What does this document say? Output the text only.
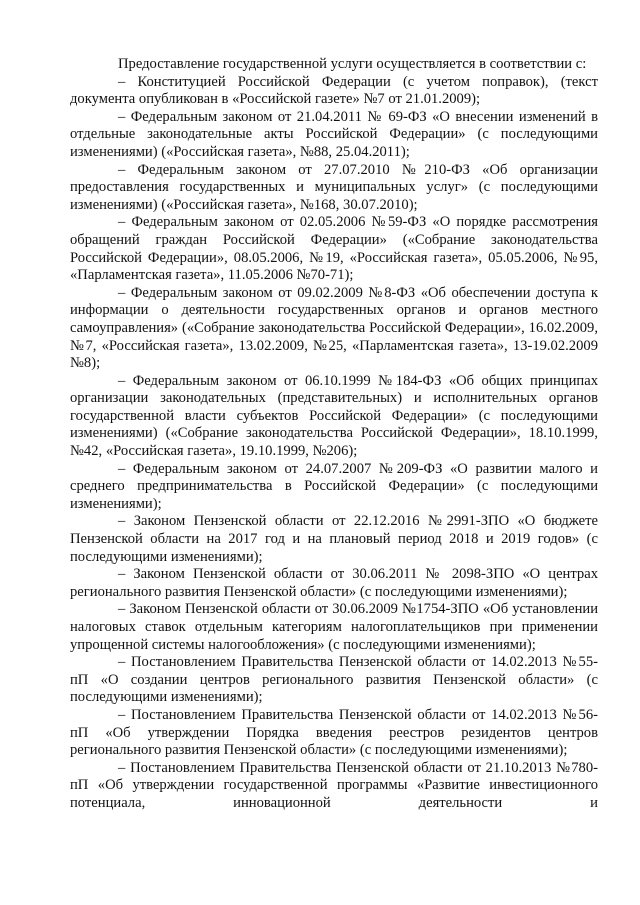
Предоставление государственной услуги осуществляется в соответствии с:

– Конституцией Российской Федерации (с учетом поправок), (текст документа опубликован в «Российской газете» №7 от 21.01.2009);

– Федеральным законом от 21.04.2011 № 69-ФЗ «О внесении изменений в отдельные законодательные акты Российской Федерации» (с последующими изменениями) («Российская газета», №88, 25.04.2011);

– Федеральным законом от 27.07.2010 №210-ФЗ «Об организации предоставления государственных и муниципальных услуг» (с последующими изменениями) («Российская газета», №168, 30.07.2010);

– Федеральным законом от 02.05.2006 №59-ФЗ «О порядке рассмотрения обращений граждан Российской Федерации» («Собрание законодательства Российской Федерации», 08.05.2006, №19, «Российская газета», 05.05.2006, №95, «Парламентская газета», 11.05.2006 №70-71);

– Федеральным законом от 09.02.2009 №8-ФЗ «Об обеспечении доступа к информации о деятельности государственных органов и органов местного самоуправления» («Собрание законодательства Российской Федерации», 16.02.2009, №7, «Российская газета», 13.02.2009, №25, «Парламентская газета», 13-19.02.2009 №8);

– Федеральным законом от 06.10.1999 №184-ФЗ «Об общих принципах организации законодательных (представительных) и исполнительных органов государственной власти субъектов Российской Федерации» (с последующими изменениями) («Собрание законодательства Российской Федерации», 18.10.1999, №42, «Российская газета», 19.10.1999, №206);

– Федеральным законом от 24.07.2007 №209-ФЗ «О развитии малого и среднего предпринимательства в Российской Федерации» (с последующими изменениями);

– Законом Пензенской области от 22.12.2016 №2991-ЗПО «О бюджете Пензенской области на 2017 год и на плановый период 2018 и 2019 годов» (с последующими изменениями);

– Законом Пензенской области от 30.06.2011 № 2098-ЗПО «О центрах регионального развития Пензенской области» (с последующими изменениями);

– Законом Пензенской области от 30.06.2009 №1754-ЗПО «Об установлении налоговых ставок отдельным категориям налогоплательщиков при применении упрощенной системы налогообложения» (с последующими изменениями);

– Постановлением Правительства Пензенской области от 14.02.2013 №55-пП «О создании центров регионального развития Пензенской области» (с последующими изменениями);

– Постановлением Правительства Пензенской области от 14.02.2013 №56-пП «Об утверждении Порядка введения реестров резидентов центров регионального развития Пензенской области» (с последующими изменениями);

– Постановлением Правительства Пензенской области от 21.10.2013 №780-пП «Об утверждении государственной программы «Развитие инвестиционного потенциала, инновационной деятельности и
